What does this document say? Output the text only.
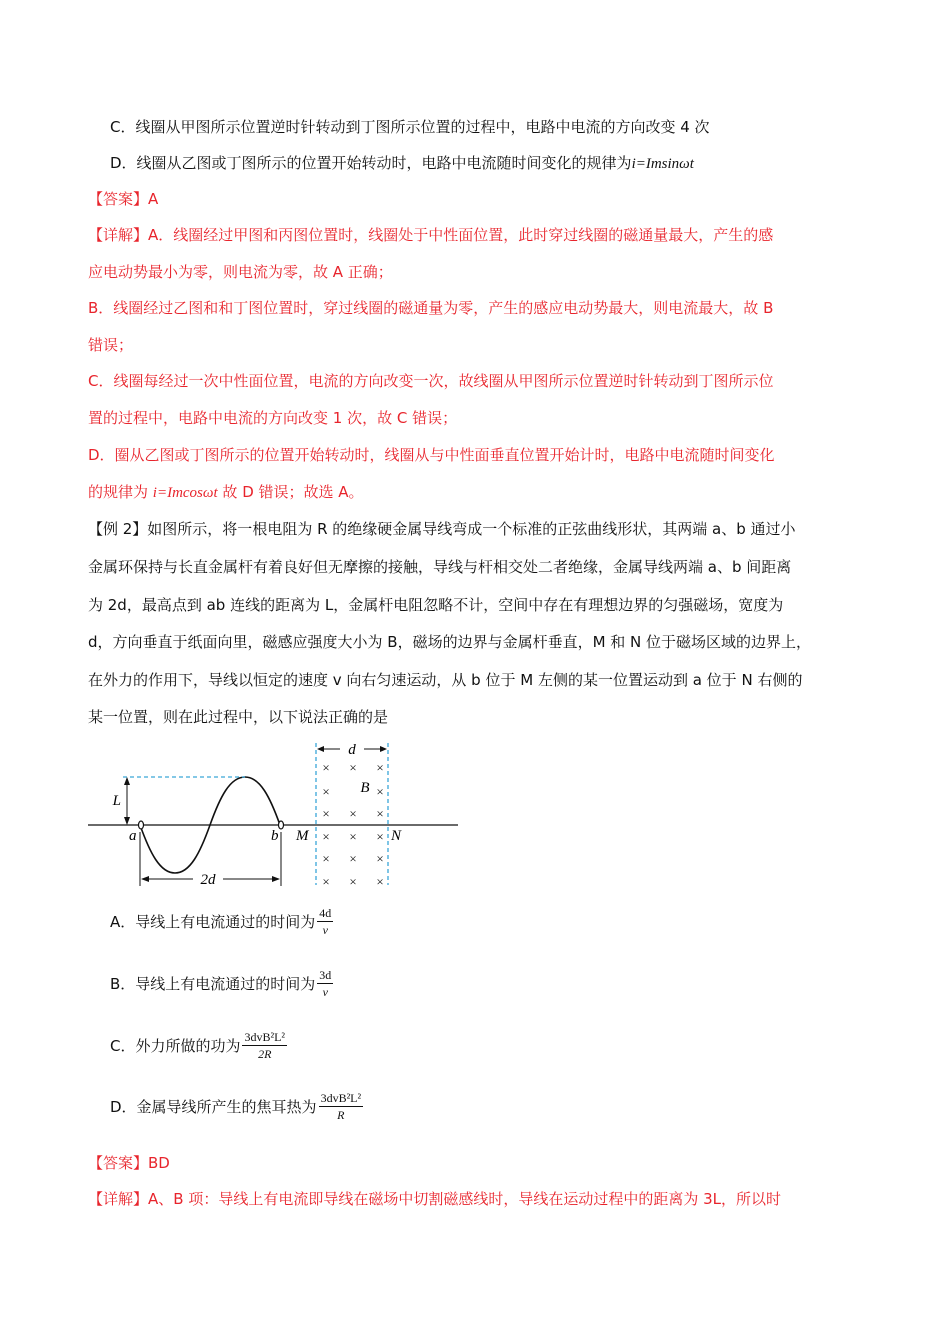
C．线圈从甲图所示位置逆时针转动到丁图所示位置的过程中，电路中电流的方向改变 4 次
D．线圈从乙图或丁图所示的位置开始转动时，电路中电流随时间变化的规律为i=Imsinωt
【答案】A
【详解】A．线圈经过甲图和丙图位置时，线圈处于中性面位置，此时穿过线圈的磁通量最大，产生的感
应电动势最小为零，则电流为零，故 A 正确；
B．线圈经过乙图和和丁图位置时，穿过线圈的磁通量为零，产生的感应电动势最大，则电流最大，故 B
错误；
C．线圈每经过一次中性面位置，电流的方向改变一次，故线圈从甲图所示位置逆时针转动到丁图所示位
置的过程中，电路中电流的方向改变 1 次，故 C 错误；
D．圈从乙图或丁图所示的位置开始转动时，线圈从与中性面垂直位置开始计时，电路中电流随时间变化
的规律为 i=Imcosωt 故 D 错误；故选 A。
【例 2】如图所示，将一根电阻为 R 的绝缘硬金属导线弯成一个标准的正弦曲线形状，其两端 a、b 通过小
金属环保持与长直金属杆有着良好但无摩擦的接触，导线与杆相交处二者绝缘，金属导线两端 a、b 间距离
为 2d，最高点到 ab 连线的距离为 L，金属杆电阻忽略不计，空间中存在有理想边界的匀强磁场，宽度为
d，方向垂直于纸面向里，磁感应强度大小为 B，磁场的边界与金属杆垂直，M 和 N 位于磁场区域的边界上，
在外力的作用下，导线以恒定的速度 v 向右匀速运动，从 b 位于 M 左侧的某一位置运动到 a 位于 N 右侧的
某一位置，则在此过程中，以下说法正确的是
L
a	b
2d
d
× × ×
×	×
× × ×
× × ×
× × ×
× × ×
B
M	N
A．导线上有电流通过的时间为 $\frac{4d}{v}$
B．导线上有电流通过的时间为 $\frac{3d}{v}$
C．外力所做的功为 $\frac{\text{3dvB²L²}}{2R}$
D．金属导线所产生的焦耳热为 $\frac{\text{3dvB²L²}}{R}$
【答案】BD
【详解】A、B 项：导线上有电流即导线在磁场中切割磁感线时，导线在运动过程中的距离为 3L，所以时
